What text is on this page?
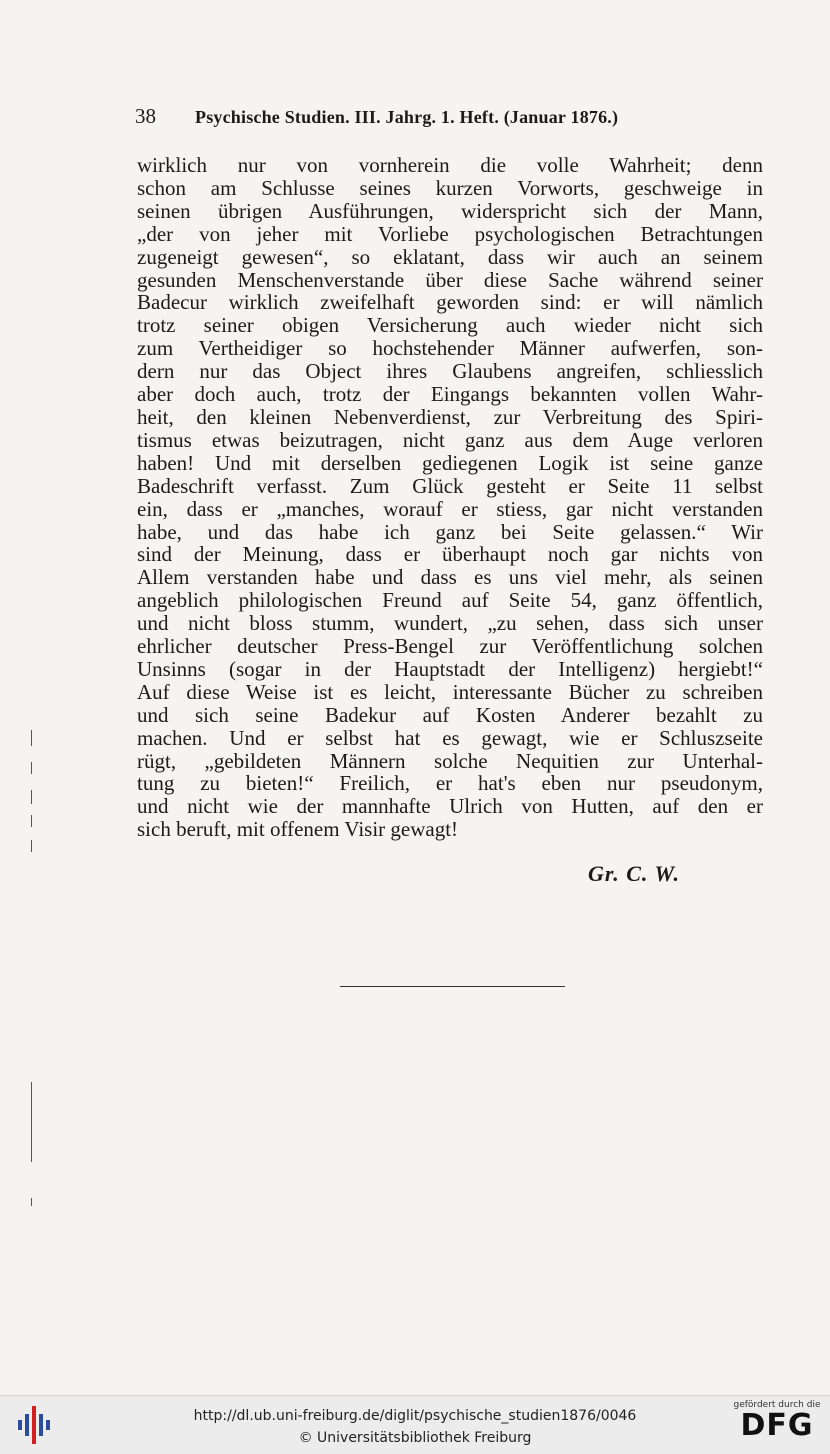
38	Psychische Studien. III. Jahrg. 1. Heft. (Januar 1876.)
wirklich nur von vornherein die volle Wahrheit; denn
schon am Schlusse seines kurzen Vorworts, geschweige in
seinen übrigen Ausführungen, widerspricht sich der Mann,
„der von jeher mit Vorliebe psychologischen Betrachtungen
zugeneigt gewesen“, so eklatant, dass wir auch an seinem
gesunden Menschenverstande über diese Sache während seiner
Badecur wirklich zweifelhaft geworden sind: er will nämlich
trotz seiner obigen Versicherung auch wieder nicht sich
zum Vertheidiger so hochstehender Männer aufwerfen, son-
dern nur das Object ihres Glaubens angreifen, schliesslich
aber doch auch, trotz der Eingangs bekannten vollen Wahr-
heit, den kleinen Nebenverdienst, zur Verbreitung des Spiri-
tismus etwas beizutragen, nicht ganz aus dem Auge verloren
haben! Und mit derselben gediegenen Logik ist seine ganze
Badeschrift verfasst. Zum Glück gesteht er Seite 11 selbst
ein, dass er „manches, worauf er stiess, gar nicht verstanden
habe, und das habe ich ganz bei Seite gelassen.“ Wir
sind der Meinung, dass er überhaupt noch gar nichts von
Allem verstanden habe und dass es uns viel mehr, als seinen
angeblich philologischen Freund auf Seite 54, ganz öffentlich,
und nicht bloss stumm, wundert, „zu sehen, dass sich unser
ehrlicher deutscher Press-Bengel zur Veröffentlichung solchen
Unsinns (sogar in der Hauptstadt der Intelligenz) hergiebt!“
Auf diese Weise ist es leicht, interessante Bücher zu schreiben
und sich seine Badekur auf Kosten Anderer bezahlt zu
machen. Und er selbst hat es gewagt, wie er Schluszseite
rügt, „gebildeten Männern solche Nequitien zur Unterhal-
tung zu bieten!“ Freilich, er hat's eben nur pseudonym,
und nicht wie der mannhafte Ulrich von Hutten, auf den er
sich beruft, mit offenem Visir gewagt!
Gr. C. W.
http://dl.ub.uni-freiburg.de/diglit/psychische_studien1876/0046
© Universitätsbibliothek Freiburg
gefördert durch die
DFG
